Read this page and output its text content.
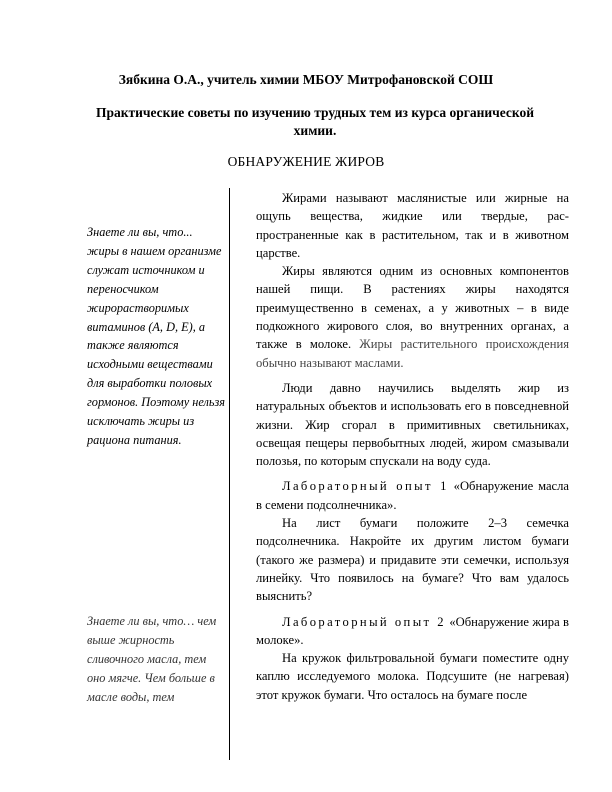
Зябкина О.А., учитель химии МБОУ Митрофановской СОШ
Практические советы по изучению трудных тем из курса органической химии.
ОБНАРУЖЕНИЕ ЖИРОВ
Знаете ли вы, что... жиры в нашем организме служат источником и переносчиком жирорастворимых витаминов (A, D, E), а также являются исходными веществами для выработки половых гормонов. Поэтому нельзя исключать жиры из рациона питания.
Знаете ли вы, что… чем выше жирность сливочного масла, тем оно мягче. Чем больше в масле воды, тем

Жирами называют маслянистые или жирные на ощупь вещества, жидкие или твердые, рас-пространенные как в растительном, так и в животном царстве.

Жиры являются одним из основных компонентов нашей пищи. В растениях жиры находятся преимущественно в семенах, а у животных – в виде подкожного жирового слоя, во внутренних органах, а также в молоке. Жиры растительного происхождения обычно называют маслами.

Люди давно научились выделять жир из натуральных объектов и использовать его в повседневной жизни. Жир сгорал в примитивных светильниках, освещая пещеры первобытных людей, жиром смазывали полозья, по которым спускали на воду суда.

Лабораторный опыт 1 «Обнаружение масла в семени подсолнечника».

На лист бумаги положите 2–3 семечка подсолнечника. Накройте их другим листом бумаги (такого же размера) и придавите эти семечки, используя линейку. Что появилось на бумаге? Что вам удалось выяснить?

Лабораторный опыт 2 «Обнаружение жира в молоке».

На кружок фильтровальной бумаги поместите одну каплю исследуемого молока. Подсушите (не нагревая) этот кружок бумаги. Что осталось на бумаге после
